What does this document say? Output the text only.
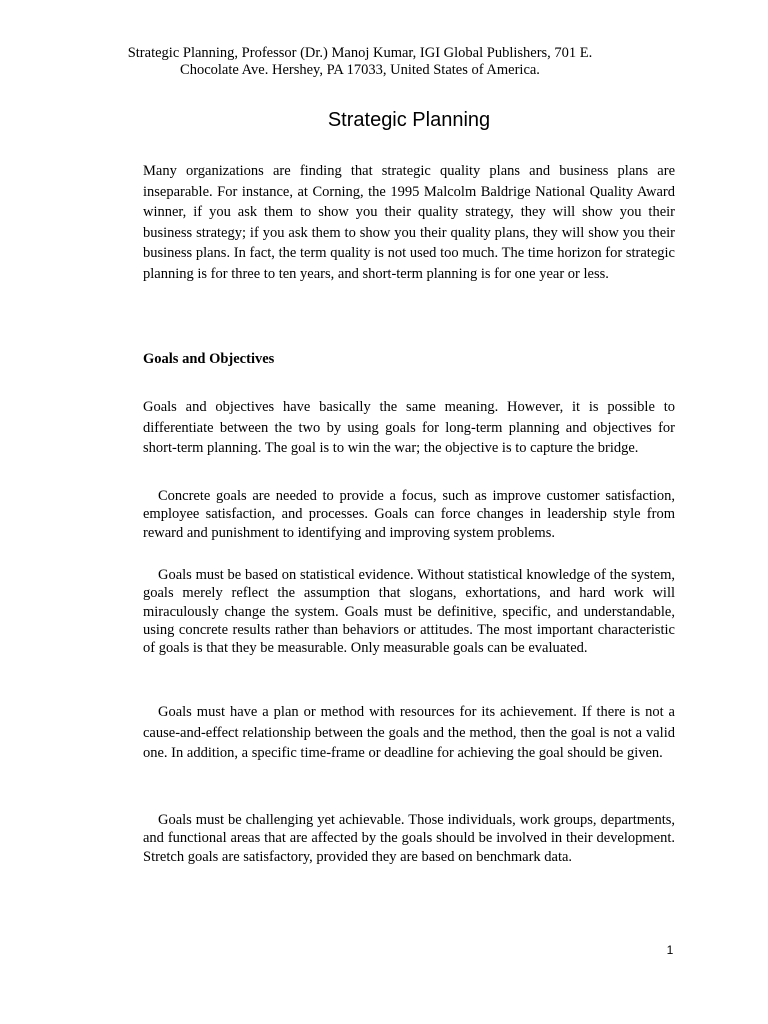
Strategic Planning, Professor (Dr.) Manoj Kumar, IGI Global Publishers, 701 E.
Chocolate Ave. Hershey, PA 17033, United States of America.
Strategic Planning

Many organizations are finding that strategic quality plans and business plans are inseparable. For instance, at Corning, the 1995 Malcolm Baldrige National Quality Award winner, if you ask them to show you their quality strategy, they will show you their business strategy; if you ask them to show you their quality plans, they will show you their business plans. In fact, the term quality is not used too much. The time horizon for strategic planning is for three to ten years, and short-term planning is for one year or less.

Goals and Objectives

Goals and objectives have basically the same meaning. However, it is possible to differentiate between the two by using goals for long-term planning and objectives for short-term planning. The goal is to win the war; the objective is to capture the bridge.

Concrete goals are needed to provide a focus, such as improve customer satisfaction, employee satisfaction, and processes. Goals can force changes in leadership style from reward and punishment to identifying and improving system problems.

Goals must be based on statistical evidence. Without statistical knowledge of the system, goals merely reflect the assumption that slogans, exhortations, and hard work will miraculously change the system. Goals must be definitive, specific, and understandable, using concrete results rather than behaviors or attitudes. The most important characteristic of goals is that they be measurable. Only measurable goals can be evaluated.

Goals must have a plan or method with resources for its achievement. If there is not a cause-and-effect relationship between the goals and the method, then the goal is not a valid one. In addition, a specific time-frame or deadline for achieving the goal should be given.

Goals must be challenging yet achievable. Those individuals, work groups, departments, and functional areas that are affected by the goals should be involved in their development. Stretch goals are satisfactory, provided they are based on benchmark data.

1
